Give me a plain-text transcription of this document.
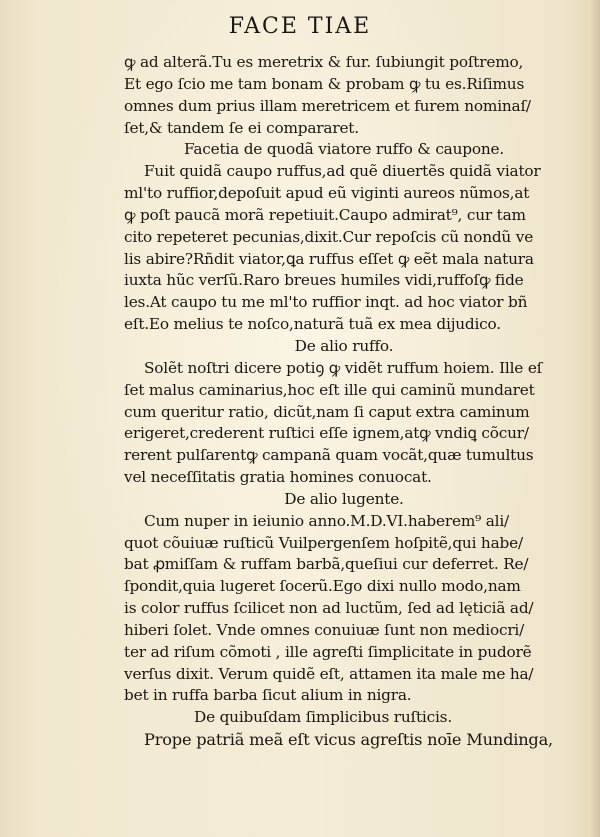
FACE TIAE
ꝙ ad alterã.Tu es meretrix & fur. ſubiungit poſtremo,
Et ego ſcio me tam bonam & probam ꝙ tu es.Riſimus
omnes dum prius illam meretricem et furem nominaſ/
ſet,& tandem ſe ei compararet.
Facetia de quodã viatore ruffo & caupone.
Fuit quidã caupo ruffus,ad quẽ diuertẽs quidã viator
ml'to ruffior,depoſuit apud eũ viginti aureos nũmos,at
ꝙ poſt paucã morã repetiuit.Caupo admirat⁹, cur tam
cito repeteret pecunias,dixit.Cur repoſcis cũ nondũ ve
lis abire?Rñdit viator,ꝗa ruffus eſſet ꝙ eẽt mala natura
iuxta hũc verſũ.Raro breues humiles vidi,ruffoſꝙ fide
les.At caupo tu me ml'to ruffior inqt. ad hoc viator bñ
eſt.Eo melius te noſco,naturã tuã ex mea dijudico.
De alio ruffo.
Solẽt noſtri dicere potiꝯ ꝙ vidẽt ruffum hoiem. Ille eſ
ſet malus caminarius,hoc eſt ille qui caminũ mundaret
cum queritur ratio, dicũt,nam ſi caput extra caminum
erigeret,crederent ruſtici eſſe ignem,atꝙ vndiꝗ cõcur/
rerent pulſarentꝙ campanã quam vocãt,quæ tumultus
vel neceſſitatis gratia homines conuocat.
De alio lugente.
Cum nuper in ieiunio anno.M.D.VI.haberem⁹ ali/
quot cõuiuæ ruſticũ Vuilpergenſem hoſpitẽ,qui habe/
bat ꝓmiſſam & ruffam barbã,queſiui cur deferret. Re/
ſpondit,quia lugeret ſocerũ.Ego dixi nullo modo,nam
is color ruffus ſcilicet non ad luctũm, ſed ad lęticiã ad/
hiberi ſolet. Vnde omnes conuiuæ ſunt non mediocri/
ter ad riſum cõmoti , ille agreſti ſimplicitate in pudorẽ
verſus dixit. Verum quidẽ eſt, attamen ita male me ha/
bet in ruffa barba ſicut alium in nigra.
De quibuſdam ſimplicibus ruſticis.
Prope patriã meã eſt vicus agreſtis noīe Mundinga,
